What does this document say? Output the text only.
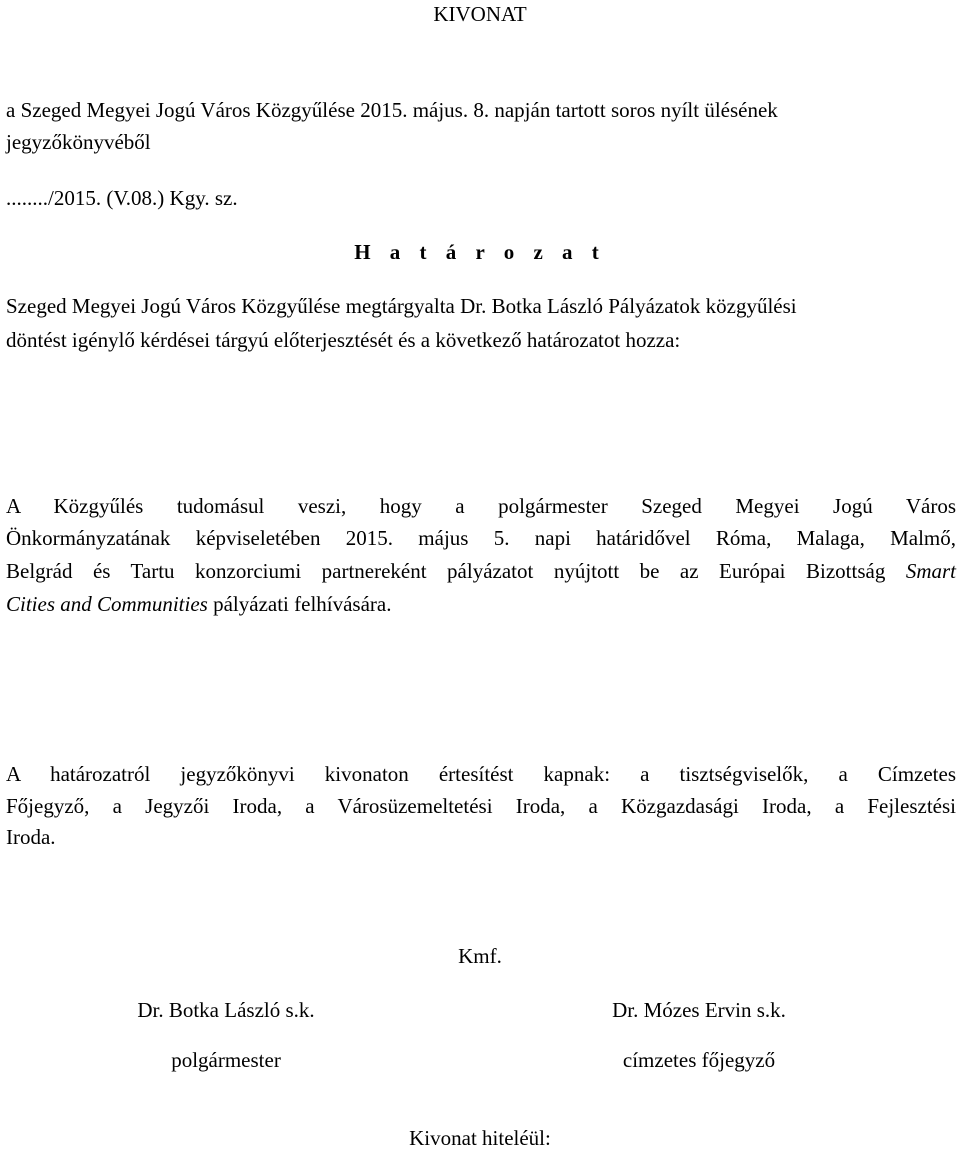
KIVONAT
a Szeged Megyei Jogú Város Közgyűlése 2015. május. 8. napján tartott soros nyílt ülésének
jegyzőkönyvéből
......../2015. (V.08.) Kgy. sz.
H a t á r o z a t
Szeged Megyei Jogú Város Közgyűlése megtárgyalta Dr. Botka László Pályázatok közgyűlési
döntést igénylő kérdései tárgyú előterjesztését és a következő határozatot hozza:
A Közgyűlés tudomásul veszi, hogy a polgármester Szeged Megyei Jogú Város
Önkormányzatának képviseletében 2015. május 5. napi határidővel Róma, Malaga, Malmő,
Belgrád és Tartu konzorciumi partnereként pályázatot nyújtott be az Európai Bizottság Smart
Cities and Communities pályázati felhívására.
A határozatról jegyzőkönyvi kivonaton értesítést kapnak: a tisztségviselők, a Címzetes
Főjegyző, a Jegyzői Iroda, a Városüzemeltetési Iroda, a Közgazdasági Iroda, a Fejlesztési
Iroda.
Kmf.
Dr. Botka László s.k.
polgármester
Dr. Mózes Ervin s.k.
címzetes főjegyző
Kivonat hiteléül:
